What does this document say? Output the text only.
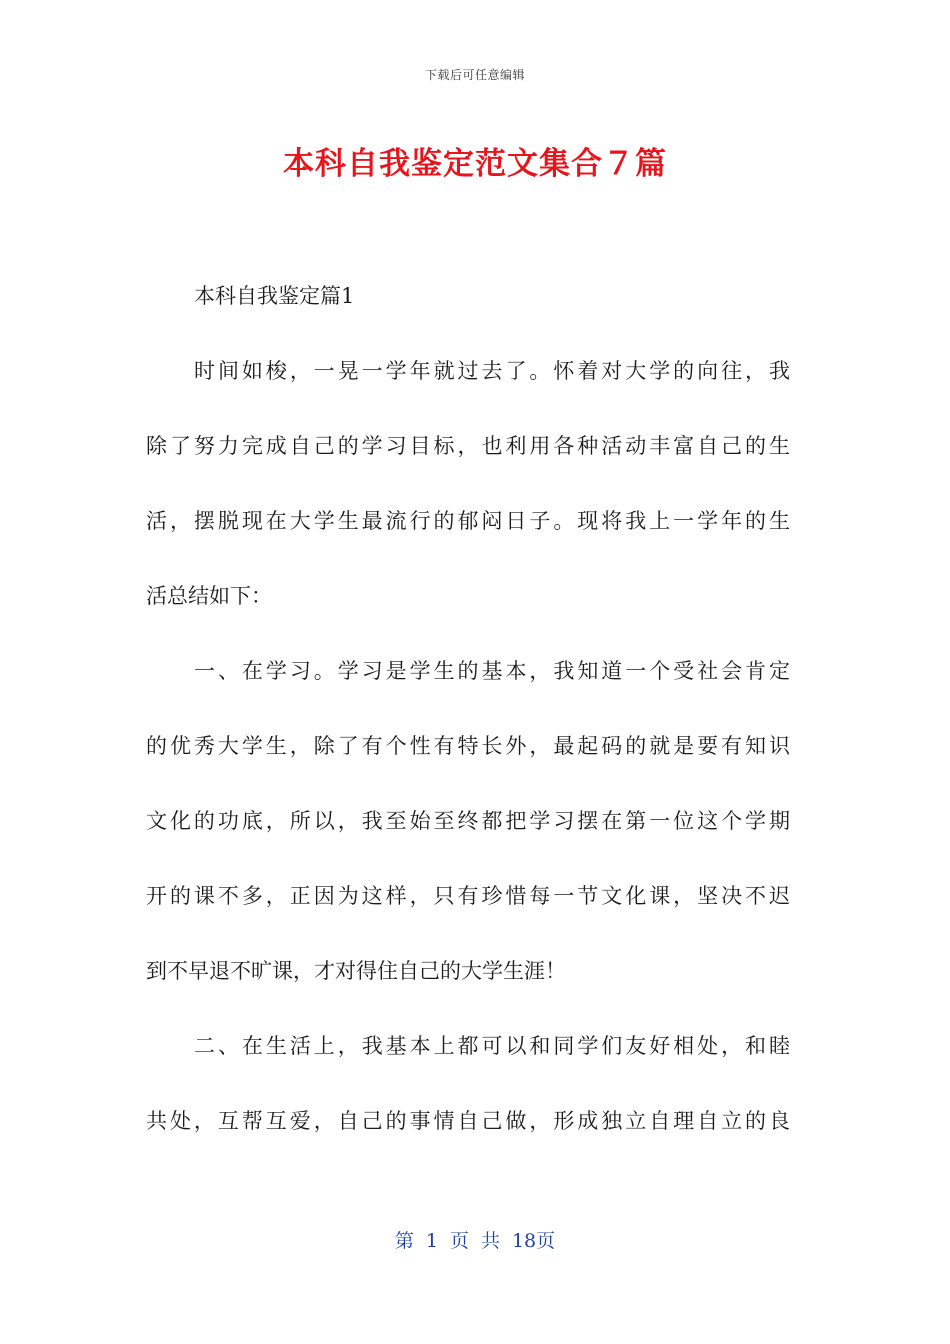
下载后可任意编辑
本科自我鉴定范文集合７篇
本科自我鉴定篇1
时间如梭，一晃一学年就过去了。怀着对大学的向往，我
除了努力完成自己的学习目标，也利用各种活动丰富自己的生
活，摆脱现在大学生最流行的郁闷日子。现将我上一学年的生
活总结如下：
一、在学习。学习是学生的基本，我知道一个受社会肯定
的优秀大学生，除了有个性有特长外，最起码的就是要有知识
文化的功底，所以，我至始至终都把学习摆在第一位这个学期
开的课不多，正因为这样，只有珍惜每一节文化课，坚决不迟
到不早退不旷课，才对得住自己的大学生涯！
二、在生活上，我基本上都可以和同学们友好相处，和睦
共处，互帮互爱，自己的事情自己做，形成独立自理自立的良
第 1 页 共 18页
